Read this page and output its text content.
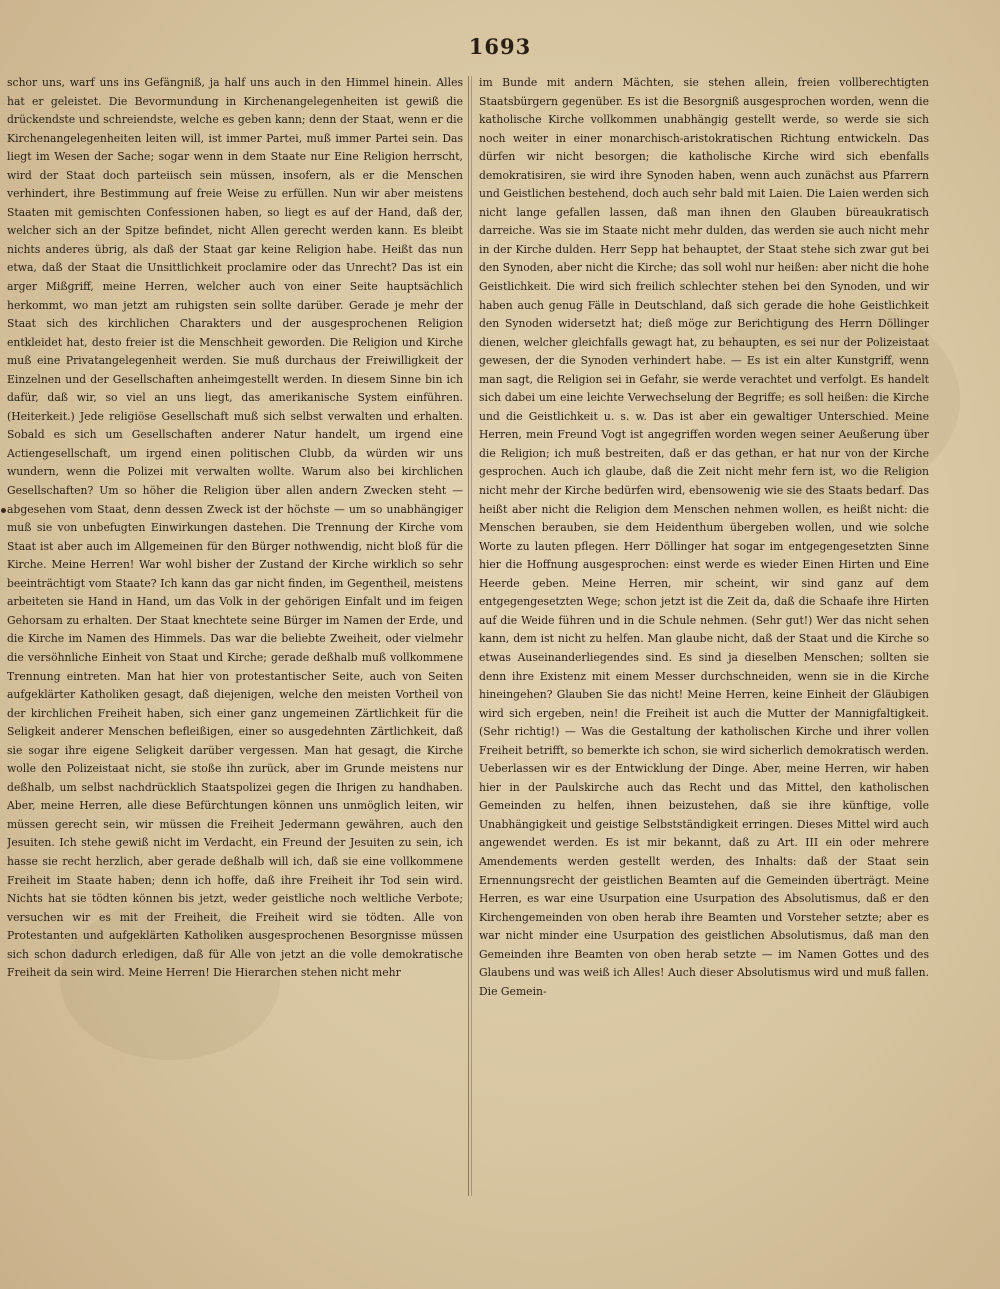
1693

schor uns, warf uns ins Gefängniß, ja half uns auch in den Himmel hinein. Alles hat er geleistet. Die Bevormundung in Kirchenangelegenheiten ist gewiß die drückendste und schreiendste, welche es geben kann; denn der Staat, wenn er die Kirchenangelegenheiten leiten will, ist immer Partei, muß immer Partei sein. Das liegt im Wesen der Sache; sogar wenn in dem Staate nur Eine Religion herrscht, wird der Staat doch parteiisch sein müssen, insofern, als er die Menschen verhindert, ihre Bestimmung auf freie Weise zu erfüllen. Nun wir aber meistens Staaten mit gemischten Confessionen haben, so liegt es auf der Hand, daß der, welcher sich an der Spitze befindet, nicht Allen gerecht werden kann. Es bleibt nichts anderes übrig, als daß der Staat gar keine Religion habe. Heißt das nun etwa, daß der Staat die Unsittlichkeit proclamire oder das Unrecht? Das ist ein arger Mißgriff, meine Herren, welcher auch von einer Seite hauptsächlich herkommt, wo man jetzt am ruhigsten sein sollte darüber. Gerade je mehr der Staat sich des kirchlichen Charakters und der ausgesprochenen Religion entkleidet hat, desto freier ist die Menschheit geworden. Die Religion und Kirche muß eine Privatangelegenheit werden. Sie muß durchaus der Freiwilligkeit der Einzelnen und der Gesellschaften anheimgestellt werden. In diesem Sinne bin ich dafür, daß wir, so viel an uns liegt, das amerikanische System einführen. (Heiterkeit.) Jede religiöse Gesellschaft muß sich selbst verwalten und erhalten. Sobald es sich um Gesellschaften anderer Natur handelt, um irgend eine Actiengesellschaft, um irgend einen politischen Clubb, da würden wir uns wundern, wenn die Polizei mit verwalten wollte. Warum also bei kirchlichen Gesellschaften? Um so höher die Religion über allen andern Zwecken steht — abgesehen vom Staat, denn dessen Zweck ist der höchste — um so unabhängiger muß sie von unbefugten Einwirkungen dastehen. Die Trennung der Kirche vom Staat ist aber auch im Allgemeinen für den Bürger nothwendig, nicht bloß für die Kirche. Meine Herren! War wohl bisher der Zustand der Kirche wirklich so sehr beeinträchtigt vom Staate? Ich kann das gar nicht finden, im Gegentheil, meistens arbeiteten sie Hand in Hand, um das Volk in der gehörigen Einfalt und im feigen Gehorsam zu erhalten. Der Staat knechtete seine Bürger im Namen der Erde, und die Kirche im Namen des Himmels. Das war die beliebte Zweiheit, oder vielmehr die versöhnliche Einheit von Staat und Kirche; gerade deßhalb muß vollkommene Trennung eintreten. Man hat hier von protestantischer Seite, auch von Seiten aufgeklärter Katholiken gesagt, daß diejenigen, welche den meisten Vortheil von der kirchlichen Freiheit haben, sich einer ganz ungemeinen Zärtlichkeit für die Seligkeit anderer Menschen befleißigen, einer so ausgedehnten Zärtlichkeit, daß sie sogar ihre eigene Seligkeit darüber vergessen. Man hat gesagt, die Kirche wolle den Polizeistaat nicht, sie stoße ihn zurück, aber im Grunde meistens nur deßhalb, um selbst nachdrücklich Staatspolizei gegen die Ihrigen zu handhaben. Aber, meine Herren, alle diese Befürchtungen können uns unmöglich leiten, wir müssen gerecht sein, wir müssen die Freiheit Jedermann gewähren, auch den Jesuiten. Ich stehe gewiß nicht im Verdacht, ein Freund der Jesuiten zu sein, ich hasse sie recht herzlich, aber gerade deßhalb will ich, daß sie eine vollkommene Freiheit im Staate haben; denn ich hoffe, daß ihre Freiheit ihr Tod sein wird. Nichts hat sie tödten können bis jetzt, weder geistliche noch weltliche Verbote; versuchen wir es mit der Freiheit, die Freiheit wird sie tödten. Alle von Protestanten und aufgeklärten Katholiken ausgesprochenen Besorgnisse müssen sich schon dadurch erledigen, daß für Alle von jetzt an die volle demokratische Freiheit da sein wird. Meine Herren! Die Hierarchen stehen nicht mehr

im Bunde mit andern Mächten, sie stehen allein, freien vollberechtigten Staatsbürgern gegenüber. Es ist die Besorgniß ausgesprochen worden, wenn die katholische Kirche vollkommen unabhängig gestellt werde, so werde sie sich noch weiter in einer monarchisch-aristokratischen Richtung entwickeln. Das dürfen wir nicht besorgen; die katholische Kirche wird sich ebenfalls demokratisiren, sie wird ihre Synoden haben, wenn auch zunächst aus Pfarrern und Geistlichen bestehend, doch auch sehr bald mit Laien. Die Laien werden sich nicht lange gefallen lassen, daß man ihnen den Glauben büreaukratisch darreiche. Was sie im Staate nicht mehr dulden, das werden sie auch nicht mehr in der Kirche dulden. Herr Sepp hat behauptet, der Staat stehe sich zwar gut bei den Synoden, aber nicht die Kirche; das soll wohl nur heißen: aber nicht die hohe Geistlichkeit. Die wird sich freilich schlechter stehen bei den Synoden, und wir haben auch genug Fälle in Deutschland, daß sich gerade die hohe Geistlichkeit den Synoden widersetzt hat; dieß möge zur Berichtigung des Herrn Döllinger dienen, welcher gleichfalls gewagt hat, zu behaupten, es sei nur der Polizeistaat gewesen, der die Synoden verhindert habe. — Es ist ein alter Kunstgriff, wenn man sagt, die Religion sei in Gefahr, sie werde verachtet und verfolgt. Es handelt sich dabei um eine leichte Verwechselung der Begriffe; es soll heißen: die Kirche und die Geistlichkeit u. s. w. Das ist aber ein gewaltiger Unterschied. Meine Herren, mein Freund Vogt ist angegriffen worden wegen seiner Aeußerung über die Religion; ich muß bestreiten, daß er das gethan, er hat nur von der Kirche gesprochen. Auch ich glaube, daß die Zeit nicht mehr fern ist, wo die Religion nicht mehr der Kirche bedürfen wird, ebensowenig wie sie des Staats bedarf. Das heißt aber nicht die Religion dem Menschen nehmen wollen, es heißt nicht: die Menschen berauben, sie dem Heidenthum übergeben wollen, und wie solche Worte zu lauten pflegen. Herr Döllinger hat sogar im entgegengesetzten Sinne hier die Hoffnung ausgesprochen: einst werde es wieder Einen Hirten und Eine Heerde geben. Meine Herren, mir scheint, wir sind ganz auf dem entgegengesetzten Wege; schon jetzt ist die Zeit da, daß die Schaafe ihre Hirten auf die Weide führen und in die Schule nehmen. (Sehr gut!) Wer das nicht sehen kann, dem ist nicht zu helfen. Man glaube nicht, daß der Staat und die Kirche so etwas Auseinanderliegendes sind. Es sind ja dieselben Menschen; sollten sie denn ihre Existenz mit einem Messer durchschneiden, wenn sie in die Kirche hineingehen? Glauben Sie das nicht! Meine Herren, keine Einheit der Gläubigen wird sich ergeben, nein! die Freiheit ist auch die Mutter der Mannigfaltigkeit. (Sehr richtig!) — Was die Gestaltung der katholischen Kirche und ihrer vollen Freiheit betrifft, so bemerkte ich schon, sie wird sicherlich demokratisch werden. Ueberlassen wir es der Entwicklung der Dinge. Aber, meine Herren, wir haben hier in der Paulskirche auch das Recht und das Mittel, den katholischen Gemeinden zu helfen, ihnen beizustehen, daß sie ihre künftige, volle Unabhängigkeit und geistige Selbstständigkeit erringen. Dieses Mittel wird auch angewendet werden. Es ist mir bekannt, daß zu Art. III ein oder mehrere Amendements werden gestellt werden, des Inhalts: daß der Staat sein Ernennungsrecht der geistlichen Beamten auf die Gemeinden überträgt. Meine Herren, es war eine Usurpation eine Usurpation des Absolutismus, daß er den Kirchengemeinden von oben herab ihre Beamten und Vorsteher setzte; aber es war nicht minder eine Usurpation des geistlichen Absolutismus, daß man den Gemeinden ihre Beamten von oben herab setzte — im Namen Gottes und des Glaubens und was weiß ich Alles! Auch dieser Absolutismus wird und muß fallen. Die Gemein-
